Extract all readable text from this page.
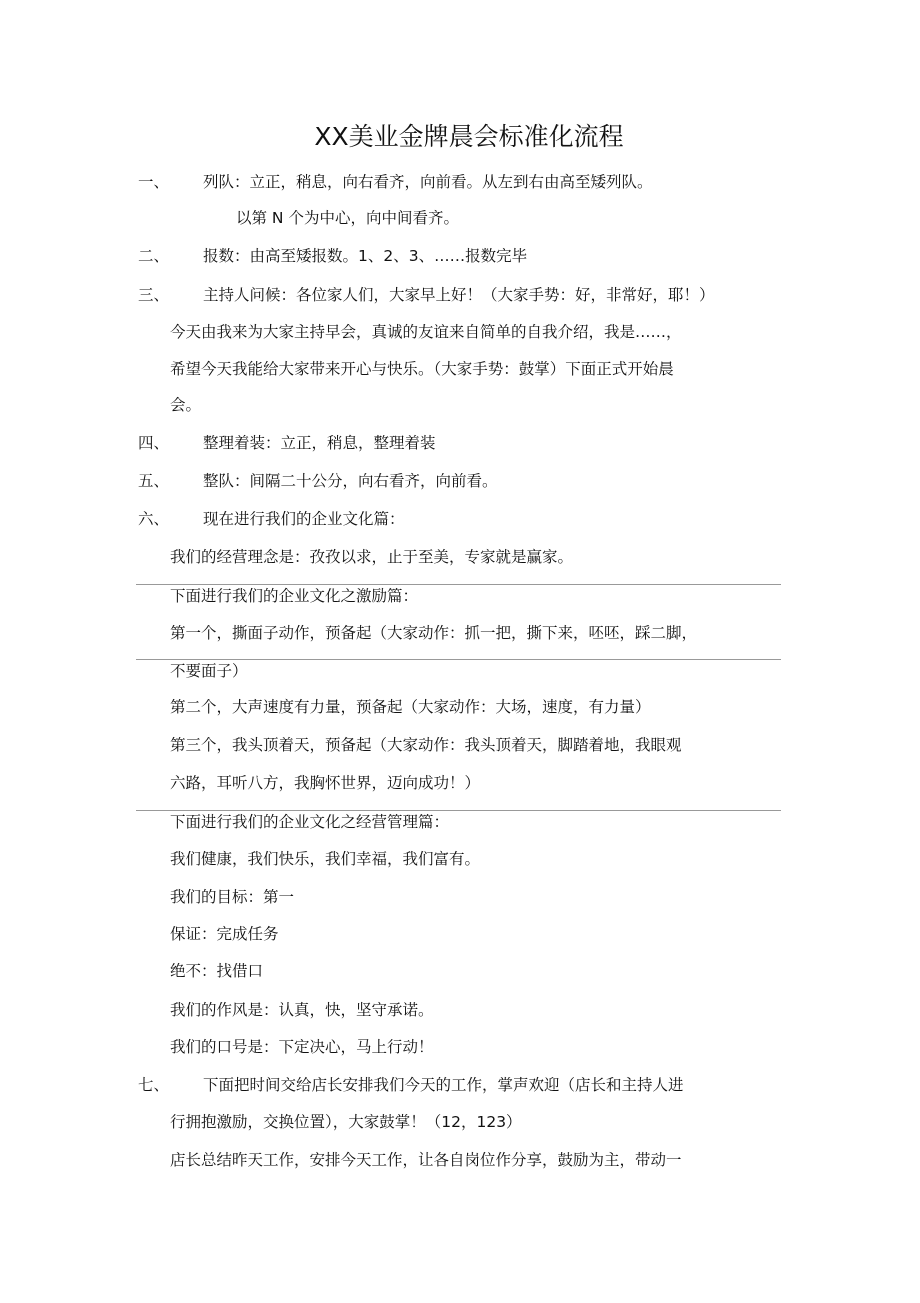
XX美业金牌晨会标准化流程
一、 列队：立正，稍息，向右看齐，向前看。从左到右由高至矮列队。
以第 N 个为中心，向中间看齐。
二、 报数：由高至矮报数。1、2、3、……报数完毕
三、 主持人问候：各位家人们，大家早上好！（大家手势：好，非常好，耶！）
今天由我来为大家主持早会，真诚的友谊来自简单的自我介绍，我是……，
希望今天我能给大家带来开心与快乐。（大家手势：鼓掌）下面正式开始晨
会。
四、 整理着装：立正，稍息，整理着装
五、 整队：间隔二十公分，向右看齐，向前看。
六、 现在进行我们的企业文化篇：
我们的经营理念是：孜孜以求，止于至美，专家就是赢家。
下面进行我们的企业文化之激励篇：
第一个，撕面子动作，预备起（大家动作：抓一把，撕下来，呸呸，踩二脚，
不要面子）
第二个，大声速度有力量，预备起（大家动作：大场，速度，有力量）
第三个，我头顶着天，预备起（大家动作：我头顶着天，脚踏着地，我眼观
六路，耳听八方，我胸怀世界，迈向成功！）
下面进行我们的企业文化之经营管理篇：
我们健康，我们快乐，我们幸福，我们富有。
我们的目标：第一
保证：完成任务
绝不：找借口
我们的作风是：认真，快，坚守承诺。
我们的口号是：下定决心，马上行动！
七、 下面把时间交给店长安排我们今天的工作，掌声欢迎（店长和主持人进
行拥抱激励，交换位置），大家鼓掌！（12，123）
店长总结昨天工作，安排今天工作，让各自岗位作分享，鼓励为主，带动一
